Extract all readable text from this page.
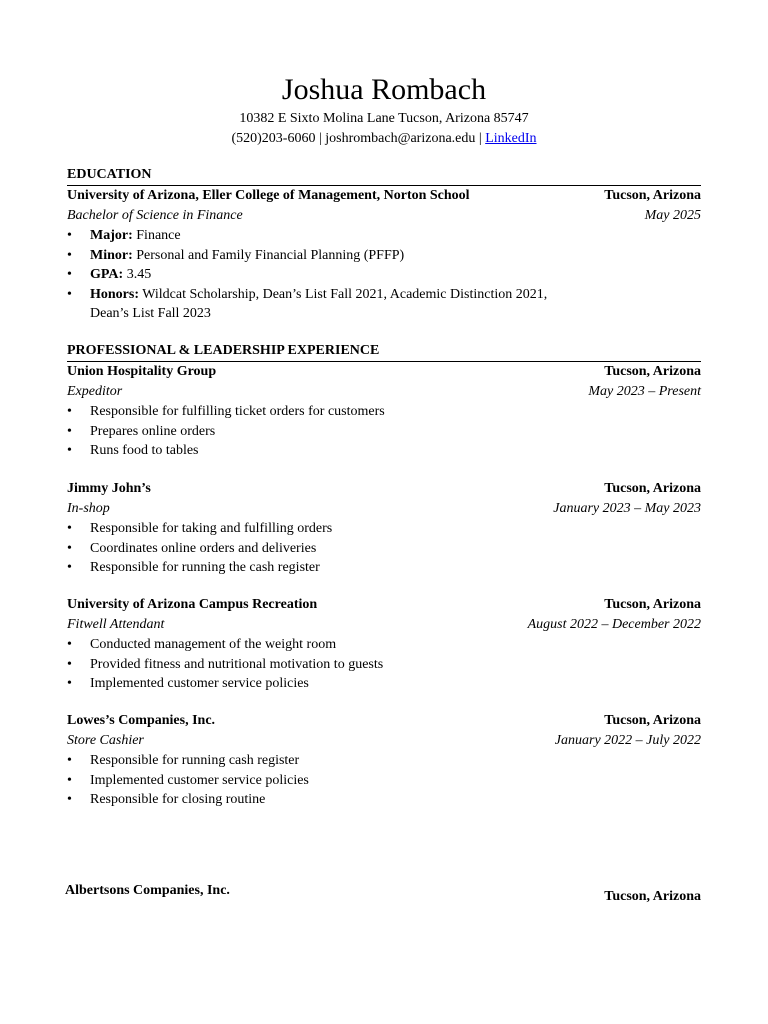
Joshua Rombach
10382 E Sixto Molina Lane Tucson, Arizona 85747
(520)203-6060 | joshrombach@arizona.edu | LinkedIn
EDUCATION
University of Arizona, Eller College of Management, Norton School	Tucson, Arizona
Bachelor of Science in Finance	May 2025
• Major: Finance
• Minor: Personal and Family Financial Planning (PFFP)
• GPA: 3.45
• Honors: Wildcat Scholarship, Dean’s List Fall 2021, Academic Distinction 2021,
Dean’s List Fall 2023
PROFESSIONAL & LEADERSHIP EXPERIENCE
Union Hospitality Group	Tucson, Arizona
Expeditor	May 2023 – Present
• Responsible for fulfilling ticket orders for customers
• Prepares online orders
• Runs food to tables
Jimmy John’s	Tucson, Arizona
In-shop	January 2023 – May 2023
• Responsible for taking and fulfilling orders
• Coordinates online orders and deliveries
• Responsible for running the cash register
University of Arizona Campus Recreation	Tucson, Arizona
Fitwell Attendant	August 2022 – December 2022
• Conducted management of the weight room
• Provided fitness and nutritional motivation to guests
• Implemented customer service policies
Lowes’s Companies, Inc.	Tucson, Arizona
Store Cashier	January 2022 – July 2022
• Responsible for running cash register
• Implemented customer service policies
• Responsible for closing routine
Albertsons Companies, Inc.	Tucson, Arizona
